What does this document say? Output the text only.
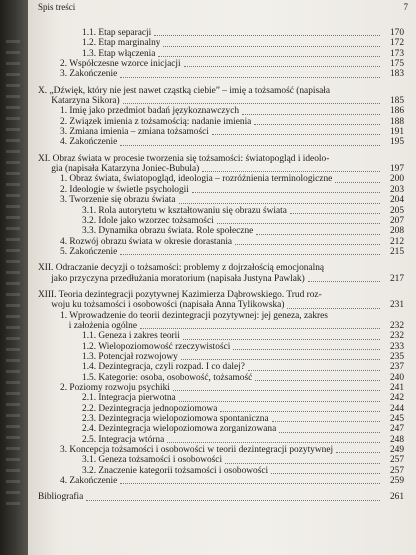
Spis treści	7
1.1. Etap separacji	170
1.2. Etap marginalny	172
1.3. Etap włączenia	173
2. Współczesne wzorce inicjacji	175
3. Zakończenie	183
X. „Dźwięk, który nie jest nawet cząstką ciebie” – imię a tożsamość (napisała
Katarzyna Sikora)	185
1. Imię jako przedmiot badań językoznawczych	186
2. Związek imienia z tożsamością: nadanie imienia	188
3. Zmiana imienia – zmiana tożsamości	191
4. Zakończenie	195
XI. Obraz świata w procesie tworzenia się tożsamości: światopogląd i ideolo-
gia (napisała Katarzyna Joniec-Bubula)	197
1. Obraz świata, światopogląd, ideologia – rozróżnienia terminologiczne	200
2. Ideologie w świetle psychologii	203
3. Tworzenie się obrazu świata	204
3.1. Rola autorytetu w kształtowaniu się obrazu świata	205
3.2. Idole jako wzorzec tożsamości	207
3.3. Dynamika obrazu świata. Role społeczne	208
4. Rozwój obrazu świata w okresie dorastania	212
5. Zakończenie	215
XII. Odraczanie decyzji o tożsamości: problemy z dojrzałością emocjonalną
jako przyczyna przedłużania moratorium (napisała Justyna Pawlak)	217
XIII. Teoria dezintegracji pozytywnej Kazimierza Dąbrowskiego. Trud roz-
woju ku tożsamości i osobowości (napisała Anna Tylikowska)	231
1. Wprowadzenie do teorii dezintegracji pozytywnej: jej geneza, zakres
i założenia ogólne	232
1.1. Geneza i zakres teorii	232
1.2. Wielopoziomowość rzeczywistości	233
1.3. Potencjał rozwojowy	235
1.4. Dezintegracja, czyli rozpad. I co dalej?	237
1.5. Kategorie: osoba, osobowość, tożsamość	240
2. Poziomy rozwoju psychiki	241
2.1. Integracja pierwotna	242
2.2. Dezintegracja jednopoziomowa	244
2.3. Dezintegracja wielopoziomowa spontaniczna	245
2.4. Dezintegracja wielopoziomowa zorganizowana	247
2.5. Integracja wtórna	248
3. Koncepcja tożsamości i osobowości w teorii dezintegracji pozytywnej	249
3.1. Geneza tożsamości i osobowości	257
3.2. Znaczenie kategorii tożsamości i osobowości	257
4. Zakończenie	259
Bibliografia	261
